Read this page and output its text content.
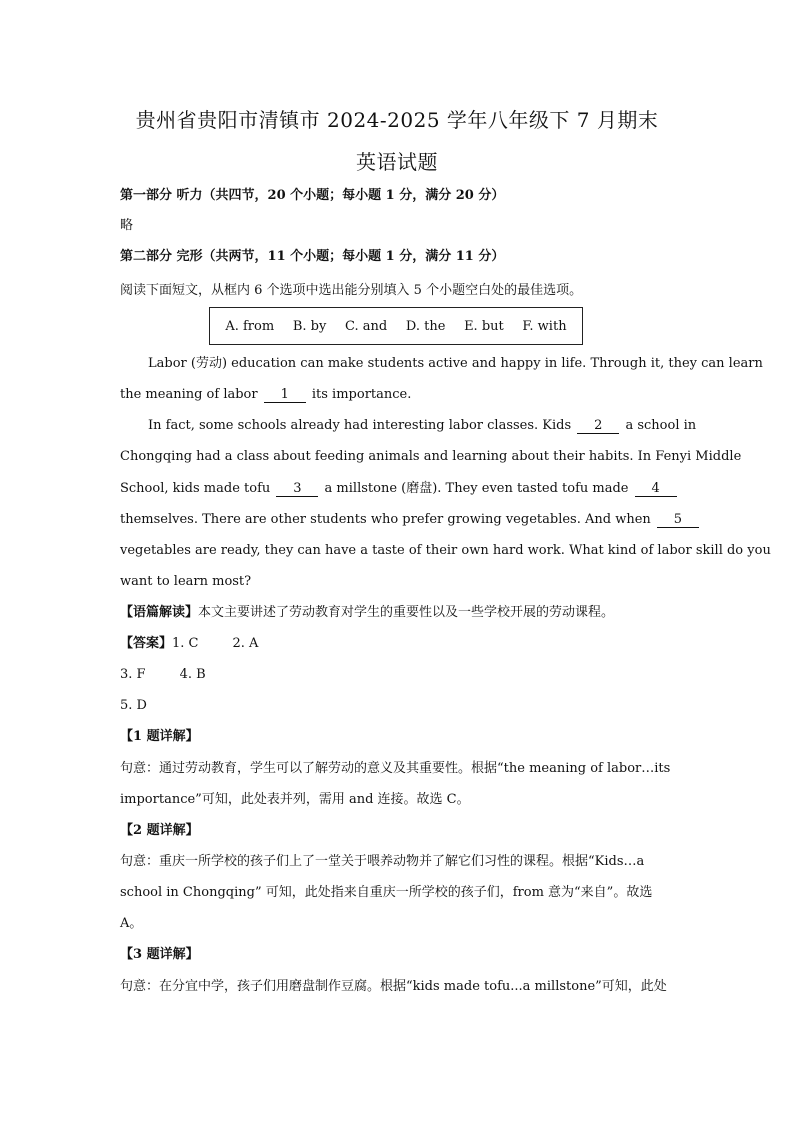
贵州省贵阳市清镇市 2024-2025 学年八年级下 7 月期末
英语试题
第一部分 听力（共四节，20 个小题；每小题 1 分，满分 20 分）
略
第二部分 完形（共两节，11 个小题；每小题 1 分，满分 11 分）
阅读下面短文，从框内 6 个选项中选出能分别填入 5 个小题空白处的最佳选项。
A. from B. by C. and D. the E. but F. with
Labor (劳动) education can make students active and happy in life. Through it, they can learn
the meaning of labor 1 its importance.
In fact, some schools already had interesting labor classes. Kids 2 a school in
Chongqing had a class about feeding animals and learning about their habits. In Fenyi Middle
School, kids made tofu 3 a millstone (磨盘). They even tasted tofu made 4
themselves. There are other students who prefer growing vegetables. And when 5
vegetables are ready, they can have a taste of their own hard work. What kind of labor skill do you
want to learn most?
【语篇解读】本文主要讲述了劳动教育对学生的重要性以及一些学校开展的劳动课程。
【答案】1. C	2. A
3. F	4. B
5. D
【1 题详解】
句意：通过劳动教育，学生可以了解劳动的意义及其重要性。根据“the meaning of labor…its
importance”可知，此处表并列，需用 and 连接。故选 C。
【2 题详解】
句意：重庆一所学校的孩子们上了一堂关于喂养动物并了解它们习性的课程。根据“Kids…a
school in Chongqing” 可知，此处指来自重庆一所学校的孩子们，from 意为“来自”。故选
A。
【3 题详解】
句意：在分宜中学，孩子们用磨盘制作豆腐。根据“kids made tofu...a millstone”可知，此处
